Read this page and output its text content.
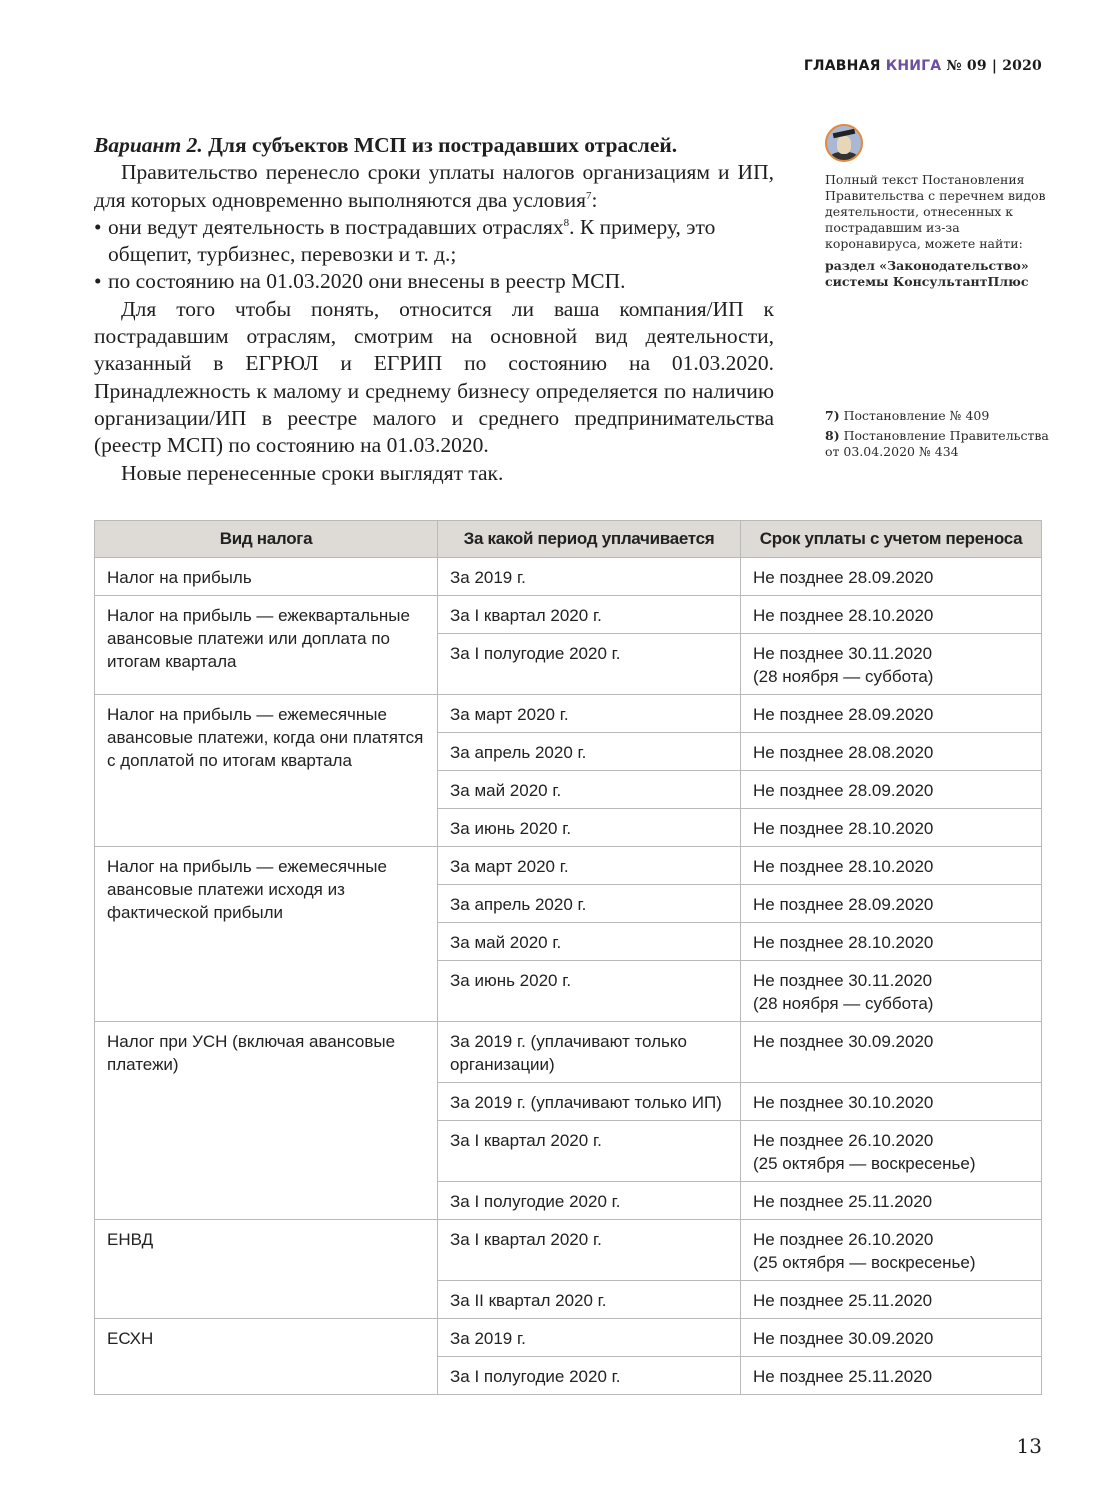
ГЛАВНАЯ КНИГА № 09 | 2020
Вариант 2. Для субъектов МСП из пострадавших отраслей.

Правительство перенесло сроки уплаты налогов организациям и ИП, для которых одновременно выполняются два условия$^7$:

• они ведут деятельность в пострадавших отраслях$^8$. К примеру, это общепит, турбизнес, перевозки и т. д.;
• по состоянию на 01.03.2020 они внесены в реестр МСП.

Для того чтобы понять, относится ли ваша компания/ИП к пострадавшим отраслям, смотрим на основной вид деятельности, указанный в ЕГРЮЛ и ЕГРИП по состоянию на 01.03.2020. Принадлежность к малому и среднему бизнесу определяется по наличию организации/ИП в реестре малого и среднего предпринимательства (реестр МСП) по состоянию на 01.03.2020.

Новые перенесенные сроки выглядят так.

Полный текст Постановления Правительства с перечнем видов деятельности, отнесенных к пострадавшим из-за коронавируса, можете найти:

раздел «Законодательство» системы КонсультантПлюс

7) Постановление № 409
8) Постановление Правительства от 03.04.2020 № 434
Вид налога	За какой период уплачивается	Срок уплаты с учетом переноса
Налог на прибыль	За 2019 г.	Не позднее 28.09.2020

Налог на прибыль — ежеквартальные авансовые платежи или доплата по итогам квартала	За I квартал 2020 г.	Не позднее 28.10.2020

	За I полугодие 2020 г.	Не позднее 30.11.2020
(28 ноября — суббота)

Налог на прибыль — ежемесячные авансовые платежи, когда они платятся с доплатой по итогам квартала	За март 2020 г.	Не позднее 28.09.2020

	За апрель 2020 г.	Не позднее 28.08.2020

	За май 2020 г.	Не позднее 28.09.2020

	За июнь 2020 г.	Не позднее 28.10.2020

Налог на прибыль — ежемесячные авансовые платежи исходя из фактической прибыли	За март 2020 г.	Не позднее 28.10.2020

	За апрель 2020 г.	Не позднее 28.09.2020

	За май 2020 г.	Не позднее 28.10.2020

	За июнь 2020 г.	Не позднее 30.11.2020
(28 ноября — суббота)

Налог при УСН (включая авансовые платежи)	За 2019 г. (уплачивают только организации)	Не позднее 30.09.2020

	За 2019 г. (уплачивают только ИП)	Не позднее 30.10.2020

	За I квартал 2020 г.	Не позднее 26.10.2020
(25 октября — воскресенье)

	За I полугодие 2020 г.	Не позднее 25.11.2020

ЕНВД	За I квартал 2020 г.	Не позднее 26.10.2020
(25 октября — воскресенье)

	За II квартал 2020 г.	Не позднее 25.11.2020

ЕСХН	За 2019 г.	Не позднее 30.09.2020

	За I полугодие 2020 г.	Не позднее 25.11.2020
13
